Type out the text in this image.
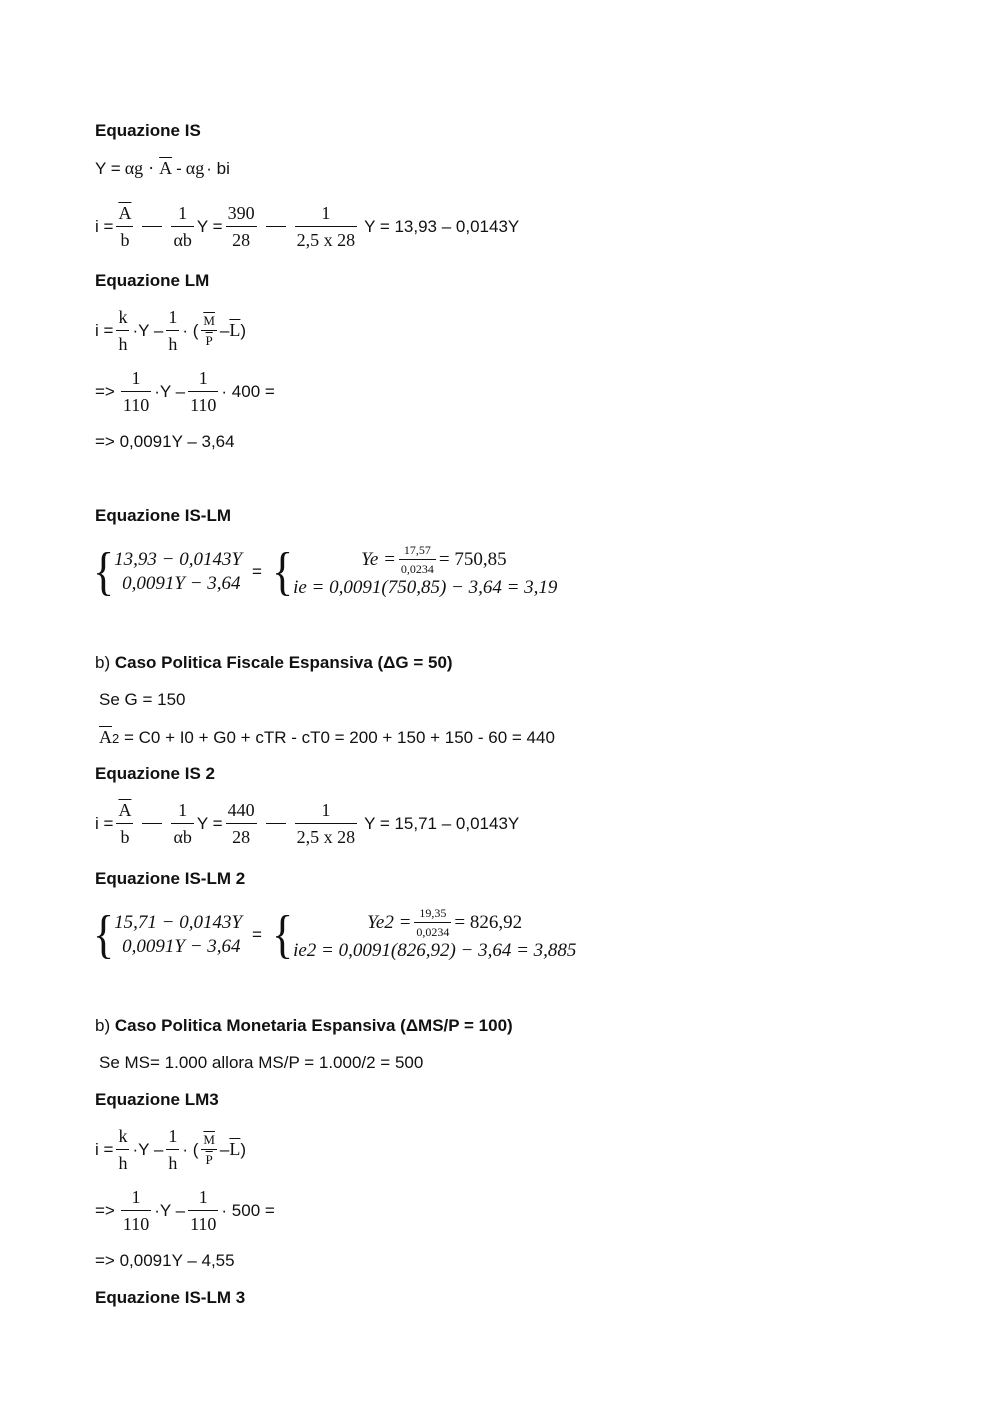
Equazione IS
$Y = \alpha g \cdot \overline{A} - \alpha g$ · bi
$i = \frac{\overline{A}}{b} \frac{1}{\alpha b}$ $Y = \frac{390}{28} \frac{1}{2,5 x 28}$ Y = 13,93 – 0,0143Y
Equazione LM
$i = \frac{k}{h} \cdot Y - \frac{1}{h}$ · ( $\frac{\overline{M}}{P} - \overline{L}$ )
=> $\frac{1}{110} \cdot Y - \frac{1}{110} \cdot 400$ =
=> 0,0091Y – 3,64
Equazione IS-LM
{ 13,93 − 0,0143Y
0,0091Y − 3,64
= {	$Ye = \frac{17,57}{0,0234} = 750,85$
ie = 0,0091(750,85) − 3,64 = 3,19
b) Caso Politica Fiscale Espansiva (ΔG = 50)
Se G = 150
$\overline{A}2 = C0 + I0 + G0$ + cTR - cT0 = 200 + 150 + 150 - 60 = 440
Equazione IS 2
$i = \frac{\overline{A}}{b} \frac{1}{\alpha b}$ $Y = \frac{440}{28} \frac{1}{2,5 x 28}$ Y = 15,71 – 0,0143Y
Equazione IS-LM 2
{ 15,71 − 0,0143Y
0,0091Y − 3,64
= {	$Ye2 = \frac{19,35}{0,0234} = 826,92$
ie2 = 0,0091(826,92) − 3,64 = 3,885
b) Caso Politica Monetaria Espansiva (ΔMS/P = 100)
Se MS= 1.000 allora MS/P = 1.000/2 = 500
Equazione LM3
$i = \frac{k}{h} \cdot Y - \frac{1}{h}$ · ( $\frac{\overline{M}}{P} - \overline{L}$ )
=> $\frac{1}{110} \cdot Y - \frac{1}{110} \cdot 500$ =
=> 0,0091Y – 4,55
Equazione IS-LM 3
